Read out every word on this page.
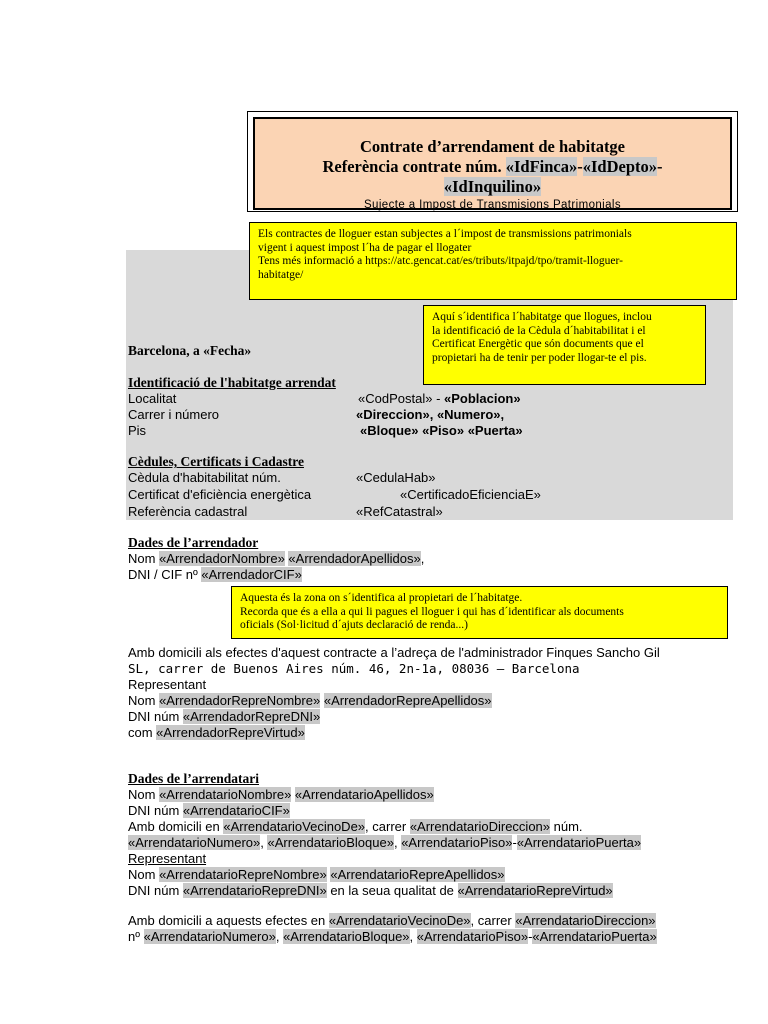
Contrate d’arrendament de habitatge
Referència contrate núm. «IdFinca»-«IdDepto»-
«IdInquilino»
Sujecte a Impost de Transmisions Patrimonials
Els contractes de lloguer estan subjectes a l´impost de transmissions patrimonials
vigent i aquest impost l´ha de pagar el llogater
Tens més informació a https://atc.gencat.cat/es/tributs/itpajd/tpo/tramit-lloguer-
habitatge/
Aquí s´identifica l´habitatge que llogues, inclou
la identificació de la Cèdula d´habitabilitat i el
Certificat Energètic que són documents que el
propietari ha de tenir per poder llogar-te el pis.
Barcelona, a «Fecha»
Identificació de l'habitatge arrendat
Localitat	«CodPostal» - «Poblacion»
Carrer i número	«Direccion», «Numero»,
Pis	«Bloque» «Piso» «Puerta»
Cèdules, Certificats i Cadastre
Cèdula d'habitabilitat núm.	«CedulaHab»
Certificat d'eficiència energètica	«CertificadoEficienciaE»
Referència cadastral	«RefCatastral»
Dades de l’arrendador
Nom «ArrendadorNombre» «ArrendadorApellidos»,
DNI / CIF nº «ArrendadorCIF»
Aquesta és la zona on s´identifica al propietari de l´habitatge.
Recorda que és a ella a qui li pagues el lloguer i qui has d´identificar als documents
oficials (Sol·licitud d´ajuts declaració de renda...)
Amb domicili als efectes d'aquest contracte a l’adreça de l'administrador Finques Sancho Gil
SL, carrer de Buenos Aires núm. 46, 2n-1a, 08036 – Barcelona
Representant
Nom «ArrendadorRepreNombre» «ArrendadorRepreApellidos»
DNI núm «ArrendadorRepreDNI»
com «ArrendadorRepreVirtud»
Dades de l’arrendatari
Nom «ArrendatarioNombre» «ArrendatarioApellidos»
DNI núm «ArrendatarioCIF»
Amb domicili en «ArrendatarioVecinoDe», carrer «ArrendatarioDireccion» núm.
«ArrendatarioNumero», «ArrendatarioBloque», «ArrendatarioPiso»-«ArrendatarioPuerta»
Representant
Nom «ArrendatarioRepreNombre» «ArrendatarioRepreApellidos»
DNI núm «ArrendatarioRepreDNI» en la seua qualitat de «ArrendatarioRepreVirtud»
Amb domicili a aquests efectes en «ArrendatarioVecinoDe», carrer «ArrendatarioDireccion»
nº «ArrendatarioNumero», «ArrendatarioBloque», «ArrendatarioPiso»-«ArrendatarioPuerta»
